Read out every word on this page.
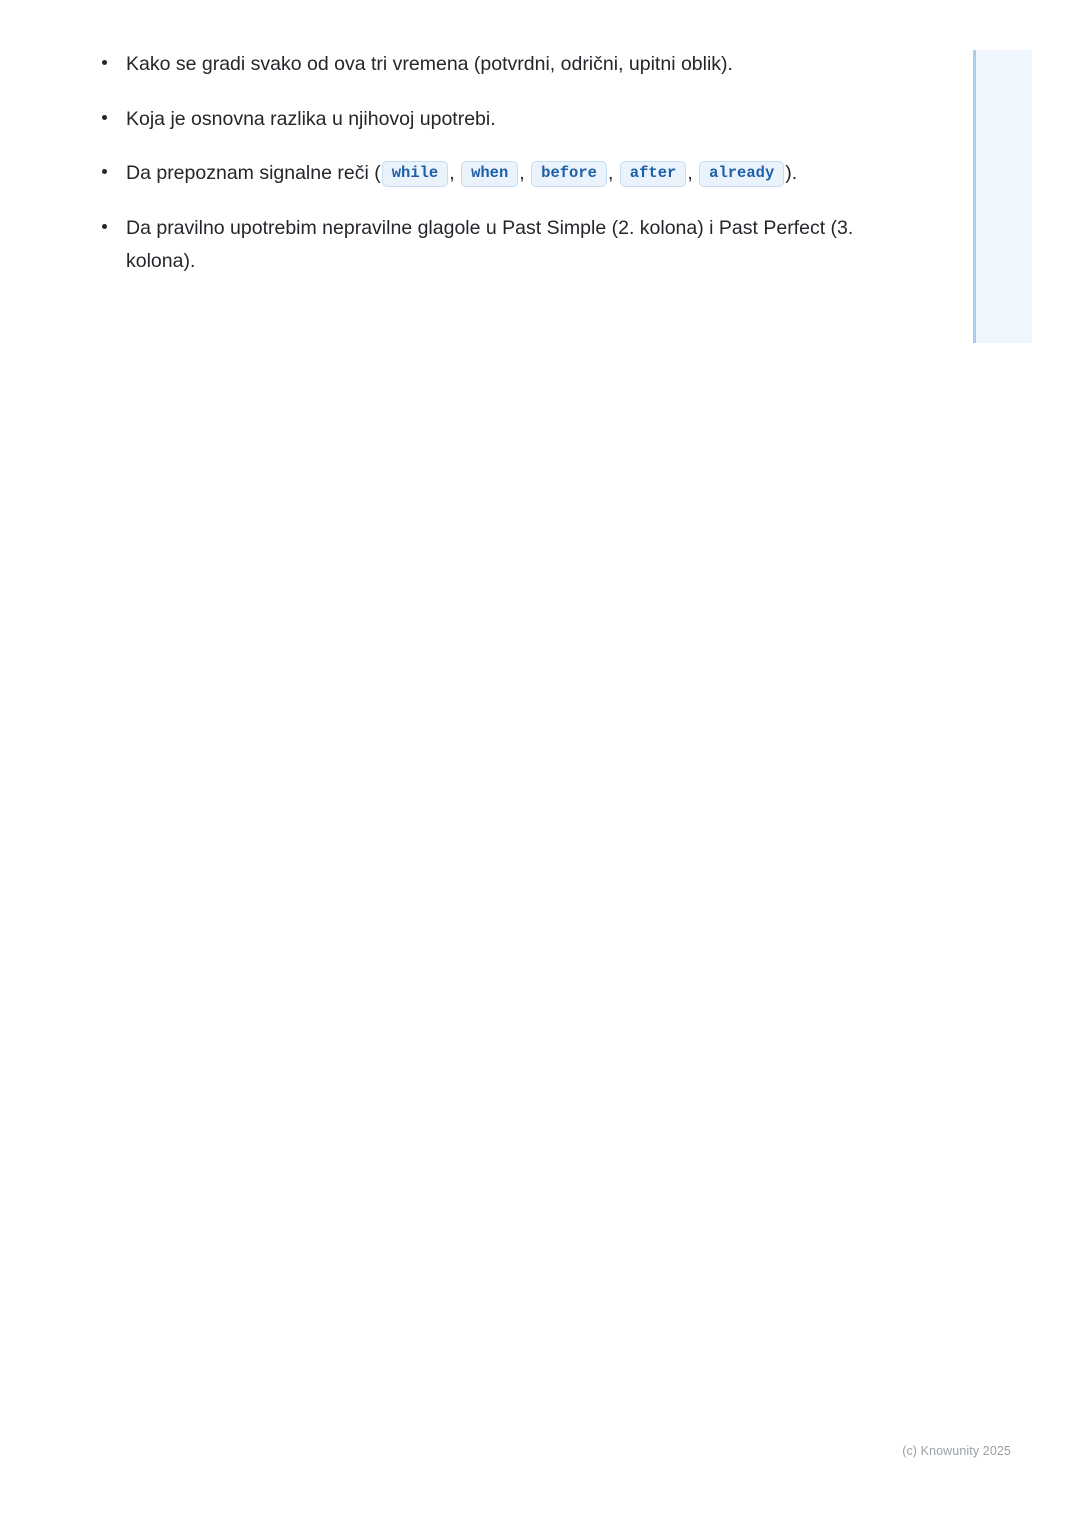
Kako se gradi svako od ova tri vremena (potvrdni, odrični, upitni oblik).
Koja je osnovna razlika u njihovoj upotrebi.
Da prepoznam signalne reči ( while , when , before , after , already ).
Da pravilno upotrebim nepravilne glagole u Past Simple (2. kolona) i Past Perfect (3. kolona).
(c) Knowunity 2025
